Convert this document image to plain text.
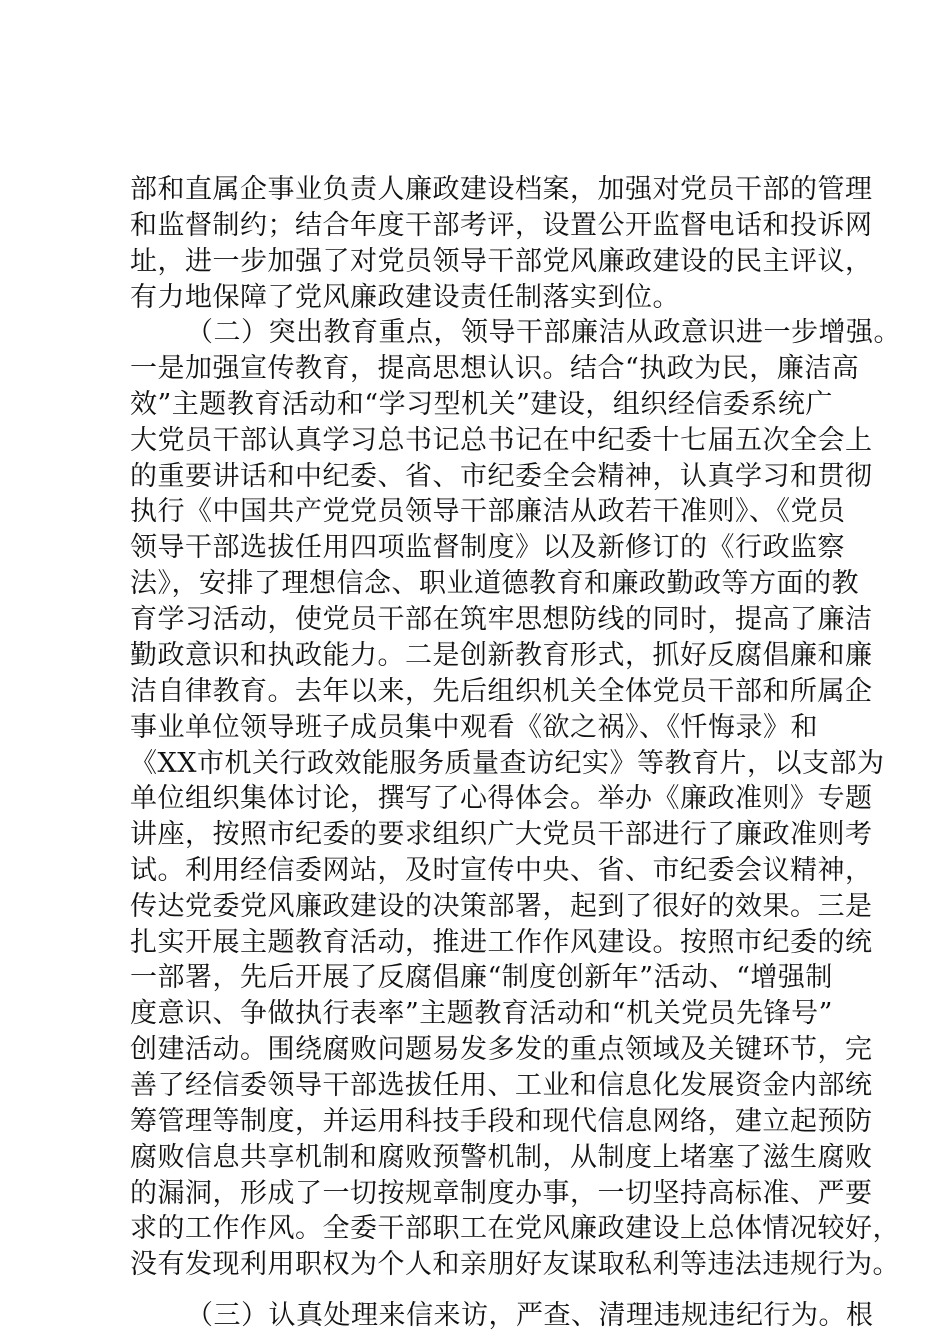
部和直属企事业负责人廉政建设档案，加强对党员干部的管理
和监督制约；结合年度干部考评，设置公开监督电话和投诉网
址，进一步加强了对党员领导干部党风廉政建设的民主评议，
有力地保障了党风廉政建设责任制落实到位。
（二）突出教育重点，领导干部廉洁从政意识进一步增强。
一是加强宣传教育，提高思想认识。结合“执政为民，廉洁高
效”主题教育活动和“学习型机关”建设，组织经信委系统广
大党员干部认真学习总书记总书记在中纪委十七届五次全会上
的重要讲话和中纪委、省、市纪委全会精神，认真学习和贯彻
执行《中国共产党党员领导干部廉洁从政若干准则》、《党员
领导干部选拔任用四项监督制度》以及新修订的《行政监察
法》，安排了理想信念、职业道德教育和廉政勤政等方面的教
育学习活动，使党员干部在筑牢思想防线的同时，提高了廉洁
勤政意识和执政能力。二是创新教育形式，抓好反腐倡廉和廉
洁自律教育。去年以来，先后组织机关全体党员干部和所属企
事业单位领导班子成员集中观看《欲之祸》、《忏悔录》和
《XX市机关行政效能服务质量查访纪实》等教育片，以支部为
单位组织集体讨论，撰写了心得体会。举办《廉政准则》专题
讲座，按照市纪委的要求组织广大党员干部进行了廉政准则考
试。利用经信委网站，及时宣传中央、省、市纪委会议精神，
传达党委党风廉政建设的决策部署，起到了很好的效果。三是
扎实开展主题教育活动，推进工作作风建设。按照市纪委的统
一部署，先后开展了反腐倡廉“制度创新年”活动、“增强制
度意识、争做执行表率”主题教育活动和“机关党员先锋号”
创建活动。围绕腐败问题易发多发的重点领域及关键环节，完
善了经信委领导干部选拔任用、工业和信息化发展资金内部统
筹管理等制度，并运用科技手段和现代信息网络，建立起预防
腐败信息共享机制和腐败预警机制，从制度上堵塞了滋生腐败
的漏洞，形成了一切按规章制度办事，一切坚持高标准、严要
求的工作作风。全委干部职工在党风廉政建设上总体情况较好，
没有发现利用职权为个人和亲朋好友谋取私利等违法违规行为。
（三）认真处理来信来访，严查、清理违规违纪行为。根
